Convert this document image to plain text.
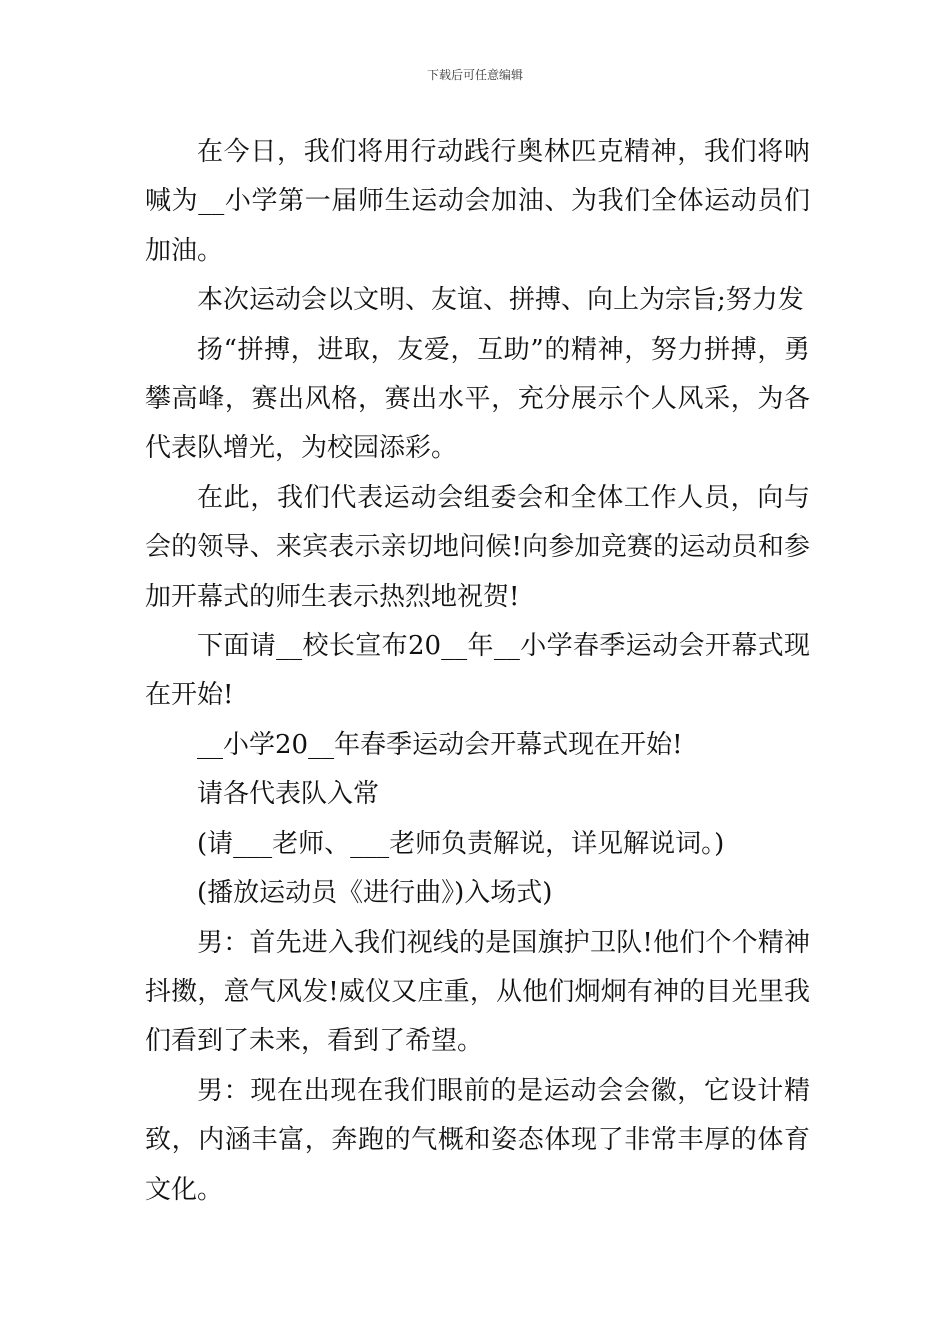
下载后可任意编辑

在今日，我们将用行动践行奥林匹克精神，我们将呐喊为__小学第一届师生运动会加油、为我们全体运动员们加油。

本次运动会以文明、友谊、拼搏、向上为宗旨;努力发

扬“拼搏，进取，友爱，互助”的精神，努力拼搏，勇攀高峰，赛出风格，赛出水平，充分展示个人风采，为各代表队增光，为校园添彩。

在此，我们代表运动会组委会和全体工作人员，向与会的领导、来宾表示亲切地问候!向参加竞赛的运动员和参加开幕式的师生表示热烈地祝贺!

下面请__校长宣布20__年__小学春季运动会开幕式现在开始!

__小学20__年春季运动会开幕式现在开始!

请各代表队入常

(请___老师、___老师负责解说，详见解说词。)

(播放运动员《进行曲》)入场式)

男：首先进入我们视线的是国旗护卫队!他们个个精神抖擞，意气风发!威仪又庄重，从他们炯炯有神的目光里我们看到了未来，看到了希望。

男：现在出现在我们眼前的是运动会会徽，它设计精致，内涵丰富，奔跑的气概和姿态体现了非常丰厚的体育文化。
